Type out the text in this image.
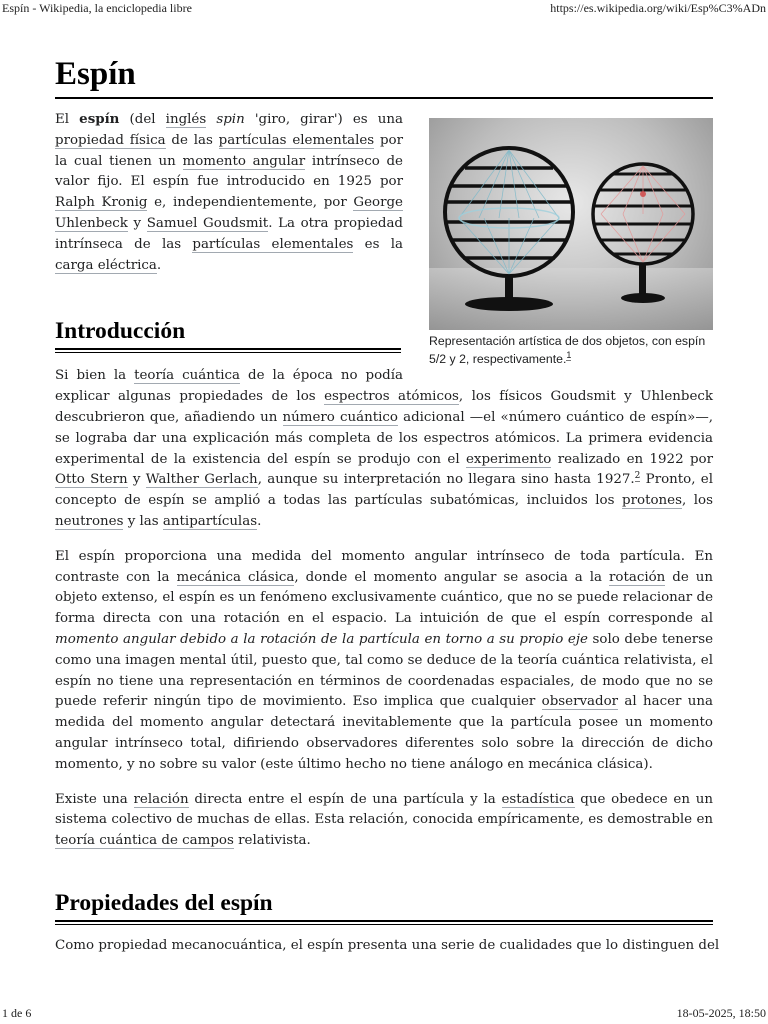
Espín - Wikipedia, la enciclopedia libre	https://es.wikipedia.org/wiki/Esp%C3%ADn
Espín
Representación artística de dos objetos, con espín 5/2 y 2, respectivamente.$^1$

El espín (del inglés spin 'giro, girar') es una propiedad física de las partículas elementales por la cual tienen un momento angular intrínseco de valor fijo. El espín fue introducido en 1925 por Ralph Kronig e, independientemente, por George Uhlenbeck y Samuel Goudsmit. La otra propiedad intrínseca de las partículas elementales es la carga eléctrica.

Introducción

Si bien la teoría cuántica de la época no podía explicar algunas propiedades de los espectros atómicos, los físicos Goudsmit y Uhlenbeck descubrieron que, añadiendo un número cuántico adicional —el «número cuántico de espín»—, se lograba dar una explicación más completa de los espectros atómicos. La primera evidencia experimental de la existencia del espín se produjo con el experimento realizado en 1922 por Otto Stern y Walther Gerlach, aunque su interpretación no llegara sino hasta 1927.$^2$ Pronto, el concepto de espín se amplió a todas las partículas subatómicas, incluidos los protones, los neutrones y las antipartículas.

El espín proporciona una medida del momento angular intrínseco de toda partícula. En contraste con la mecánica clásica, donde el momento angular se asocia a la rotación de un objeto extenso, el espín es un fenómeno exclusivamente cuántico, que no se puede relacionar de forma directa con una rotación en el espacio. La intuición de que el espín corresponde al momento angular debido a la rotación de la partícula en torno a su propio eje solo debe tenerse como una imagen mental útil, puesto que, tal como se deduce de la teoría cuántica relativista, el espín no tiene una representación en términos de coordenadas espaciales, de modo que no se puede referir ningún tipo de movimiento. Eso implica que cualquier observador al hacer una medida del momento angular detectará inevitablemente que la partícula posee un momento angular intrínseco total, difiriendo observadores diferentes solo sobre la dirección de dicho momento, y no sobre su valor (este último hecho no tiene análogo en mecánica clásica).

Existe una relación directa entre el espín de una partícula y la estadística que obedece en un sistema colectivo de muchas de ellas. Esta relación, conocida empíricamente, es demostrable en teoría cuántica de campos relativista.

Propiedades del espín

Como propiedad mecanocuántica, el espín presenta una serie de cualidades que lo distinguen del

1 de 6	18-05-2025, 18:50
